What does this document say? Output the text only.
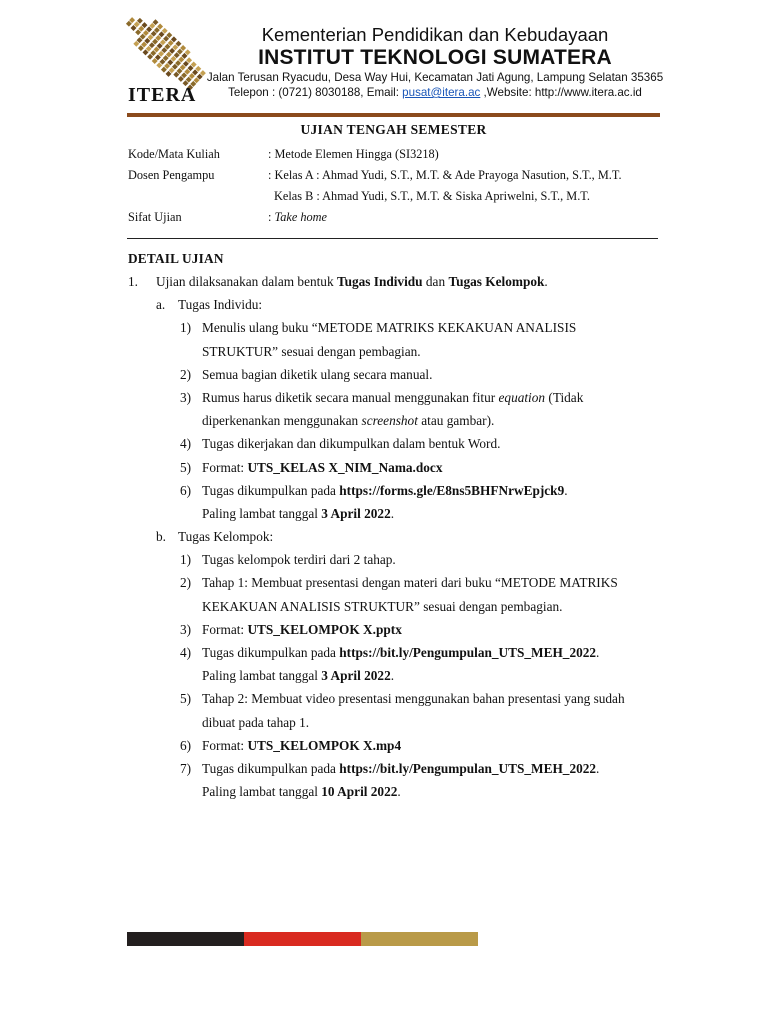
ITERA
Kementerian Pendidikan dan Kebudayaan
INSTITUT TEKNOLOGI SUMATERA
Jalan Terusan Ryacudu, Desa Way Hui, Kecamatan Jati Agung, Lampung Selatan 35365
Telepon : (0721) 8030188, Email: pusat@itera.ac ,Website: http://www.itera.ac.id
UJIAN TENGAH SEMESTER
Kode/Mata Kuliah	: Metode Elemen Hingga (SI3218)
Dosen Pengampu	: Kelas A : Ahmad Yudi, S.T., M.T. & Ade Prayoga Nasution, S.T., M.T.
Kelas B : Ahmad Yudi, S.T., M.T. & Siska Apriwelni, S.T., M.T.
Sifat Ujian	: Take home
DETAIL UJIAN
1. Ujian dilaksanakan dalam bentuk Tugas Individu dan Tugas Kelompok.
a. Tugas Individu:
1) Menulis ulang buku “METODE MATRIKS KEKAKUAN ANALISIS
STRUKTUR” sesuai dengan pembagian.
2) Semua bagian diketik ulang secara manual.
3) Rumus harus diketik secara manual menggunakan fitur equation (Tidak
diperkenankan menggunakan screenshot atau gambar).
4) Tugas dikerjakan dan dikumpulkan dalam bentuk Word.
5) Format: UTS_KELAS X_NIM_Nama.docx
6) Tugas dikumpulkan pada https://forms.gle/E8ns5BHFNrwEpjck9.
Paling lambat tanggal 3 April 2022.
b. Tugas Kelompok:
1) Tugas kelompok terdiri dari 2 tahap.
2) Tahap 1: Membuat presentasi dengan materi dari buku “METODE MATRIKS
KEKAKUAN ANALISIS STRUKTUR” sesuai dengan pembagian.
3) Format: UTS_KELOMPOK X.pptx
4) Tugas dikumpulkan pada https://bit.ly/Pengumpulan_UTS_MEH_2022.
Paling lambat tanggal 3 April 2022.
5) Tahap 2: Membuat video presentasi menggunakan bahan presentasi yang sudah
dibuat pada tahap 1.
6) Format: UTS_KELOMPOK X.mp4
7) Tugas dikumpulkan pada https://bit.ly/Pengumpulan_UTS_MEH_2022.
Paling lambat tanggal 10 April 2022.
